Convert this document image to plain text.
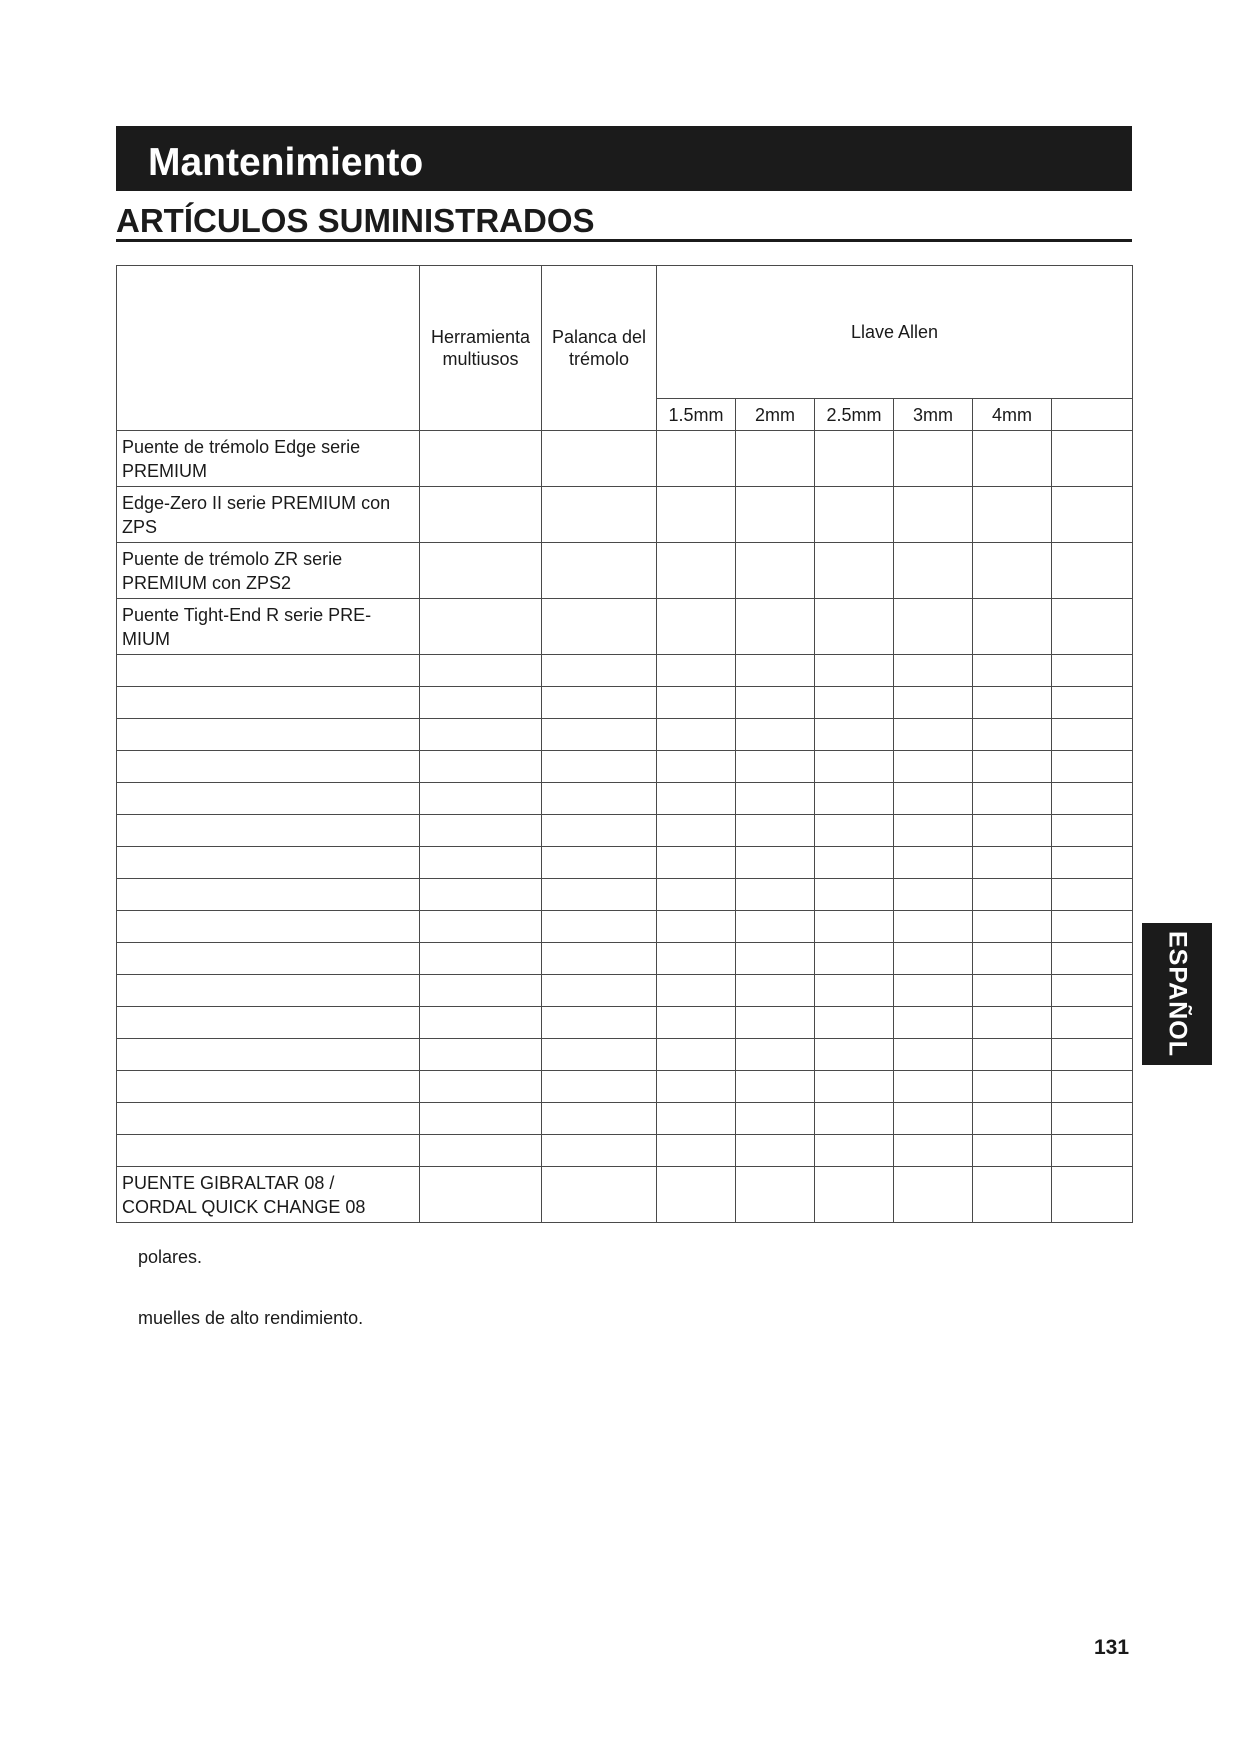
Mantenimiento
ARTÍCULOS SUMINISTRADOS
	Herramienta multiusos	Palanca del trémolo	Llave Allen	
			1.5mm	2mm	2.5mm	3mm	4mm		
Puente de trémolo Edge serie PREMIUM									
Edge-Zero II serie PREMIUM con ZPS									
Puente de trémolo ZR serie PREMIUM con ZPS2									
Puente Tight-End R serie PRE-MIUM									

PUENTE GIBRALTAR 08 / CORDAL QUICK CHANGE 08									
polares.
muelles de alto rendimiento.
ESPAÑOL
131
